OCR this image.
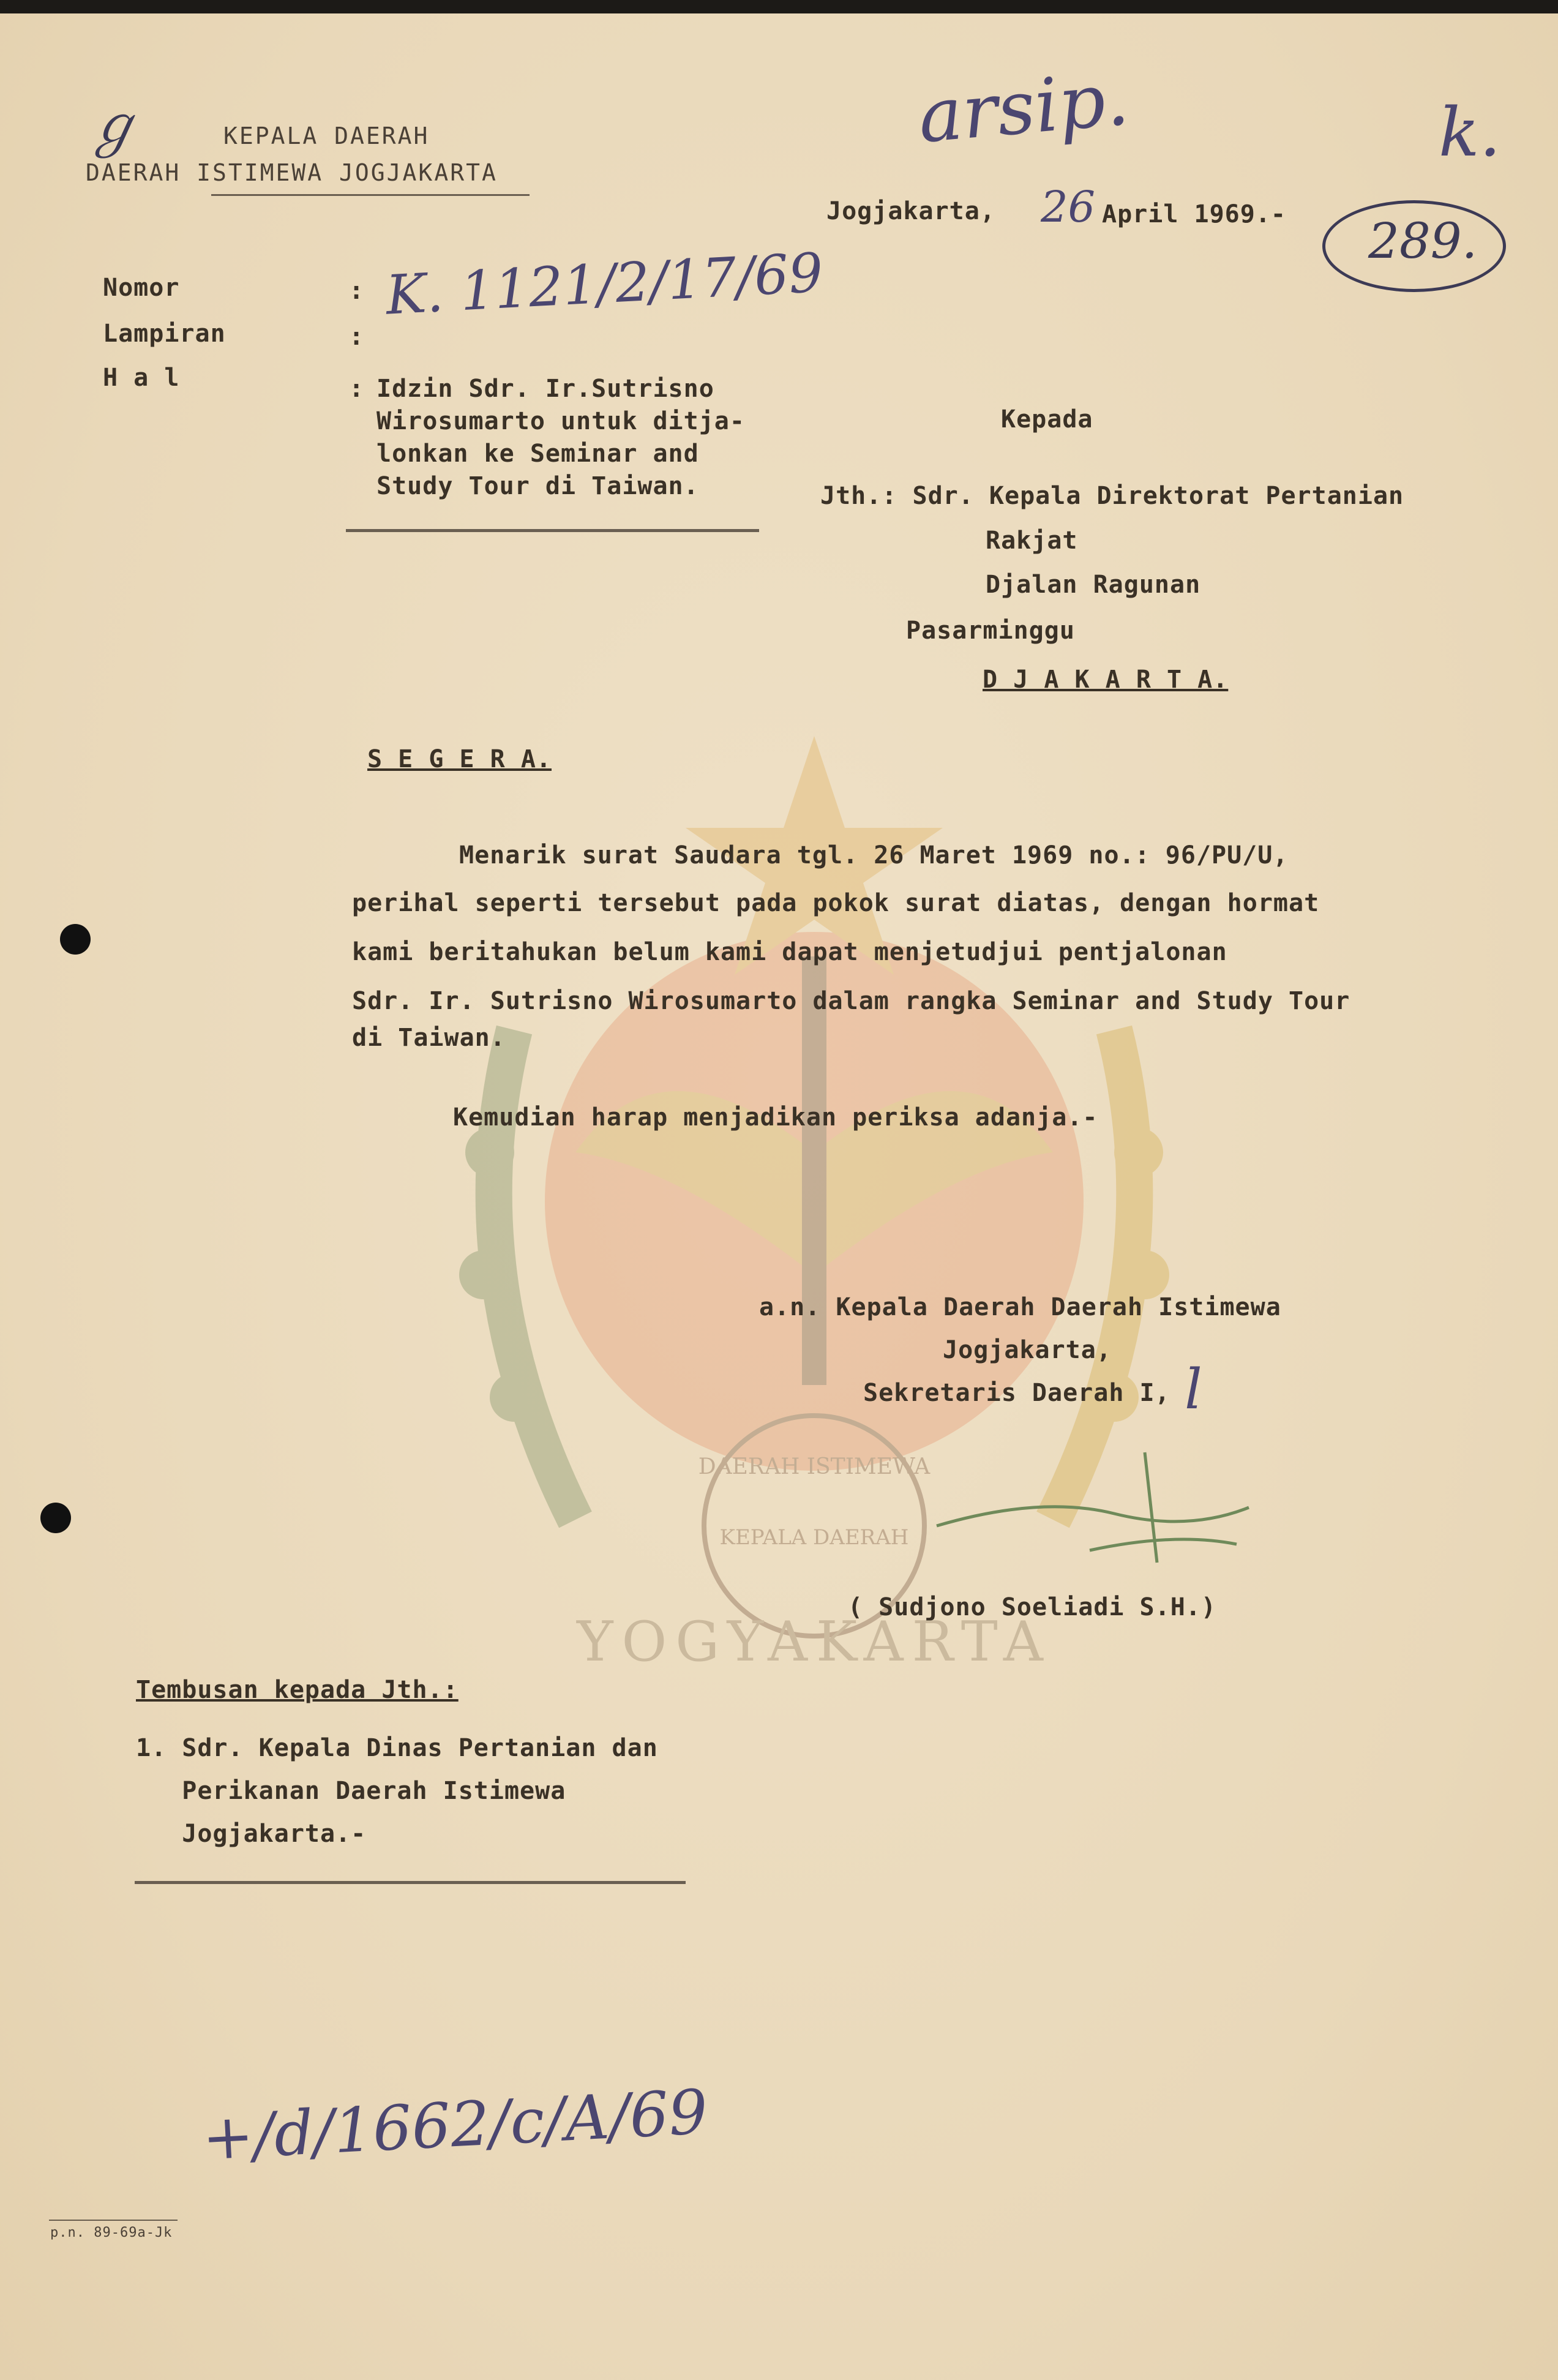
DAERAH ISTIMEWA
KEPALA DAERAH
YOGYAKARTA
ℊ	KEPALA DAERAH
DAERAH ISTIMEWA JOGJAKARTA
arsip.	k.
289.
Jogjakarta, 26 April 1969.-
Nomor	: K. 1121/2/17/69
Lampiran	:
H a l	: Idzin Sdr. Ir.Sutrisno
Wirosumarto untuk ditja-
lonkan ke Seminar and
Study Tour di Taiwan.
Kepada
Jth.: Sdr. Kepala Direktorat Pertanian
Rakjat
Djalan Ragunan
Pasarminggu
D J A K A R T A.
S E G E R A.
Menarik surat Saudara tgl. 26 Maret 1969 no.: 96/PU/U,
perihal seperti tersebut pada pokok surat diatas, dengan hormat
kami beritahukan belum kami dapat menjetudjui pentjalonan
Sdr. Ir. Sutrisno Wirosumarto dalam rangka Seminar and Study Tour
di Taiwan.
Kemudian harap menjadikan periksa adanja.-
a.n. Kepala Daerah Daerah Istimewa
Jogjakarta,
Sekretaris Daerah I, l
( Sudjono Soeliadi S.H.)
Tembusan kepada Jth.:
1. Sdr. Kepala Dinas Pertanian dan
Perikanan Daerah Istimewa
Jogjakarta.-
+/d/1662/c/A/69
p.n. 89-69a-Jk
